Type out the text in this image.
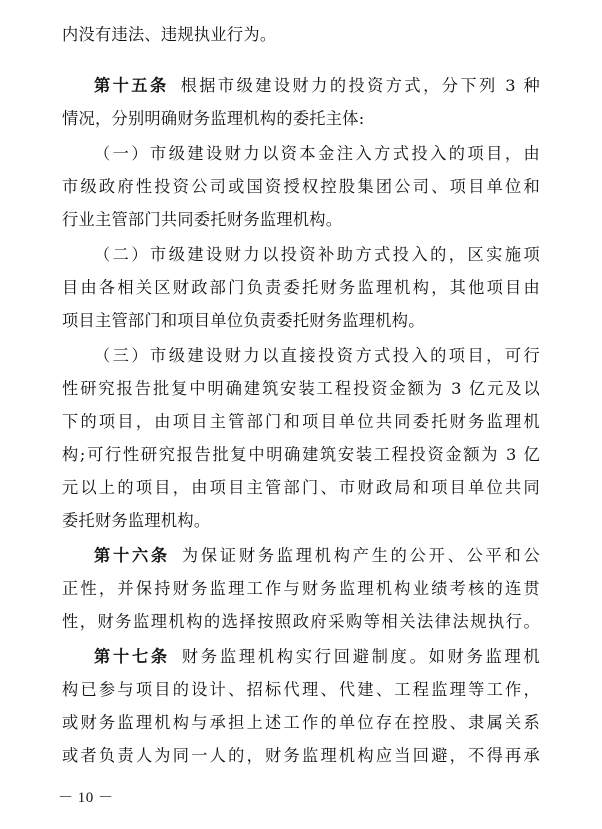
内没有违法、违规执业行为。
第十五条 根据市级建设财力的投资方式，分下列 3 种
情况，分别明确财务监理机构的委托主体:
（一）市级建设财力以资本金注入方式投入的项目，由
市级政府性投资公司或国资授权控股集团公司、项目单位和
行业主管部门共同委托财务监理机构。
（二）市级建设财力以投资补助方式投入的，区实施项
目由各相关区财政部门负责委托财务监理机构，其他项目由
项目主管部门和项目单位负责委托财务监理机构。
（三）市级建设财力以直接投资方式投入的项目，可行
性研究报告批复中明确建筑安装工程投资金额为 3 亿元及以
下的项目，由项目主管部门和项目单位共同委托财务监理机
构;可行性研究报告批复中明确建筑安装工程投资金额为 3 亿
元以上的项目，由项目主管部门、市财政局和项目单位共同
委托财务监理机构。
第十六条 为保证财务监理机构产生的公开、公平和公
正性，并保持财务监理工作与财务监理机构业绩考核的连贯
性，财务监理机构的选择按照政府采购等相关法律法规执行。
第十七条 财务监理机构实行回避制度。如财务监理机
构已参与项目的设计、招标代理、代建、工程监理等工作，
或财务监理机构与承担上述工作的单位存在控股、隶属关系
或者负责人为同一人的，财务监理机构应当回避，不得再承
－ 10 －
